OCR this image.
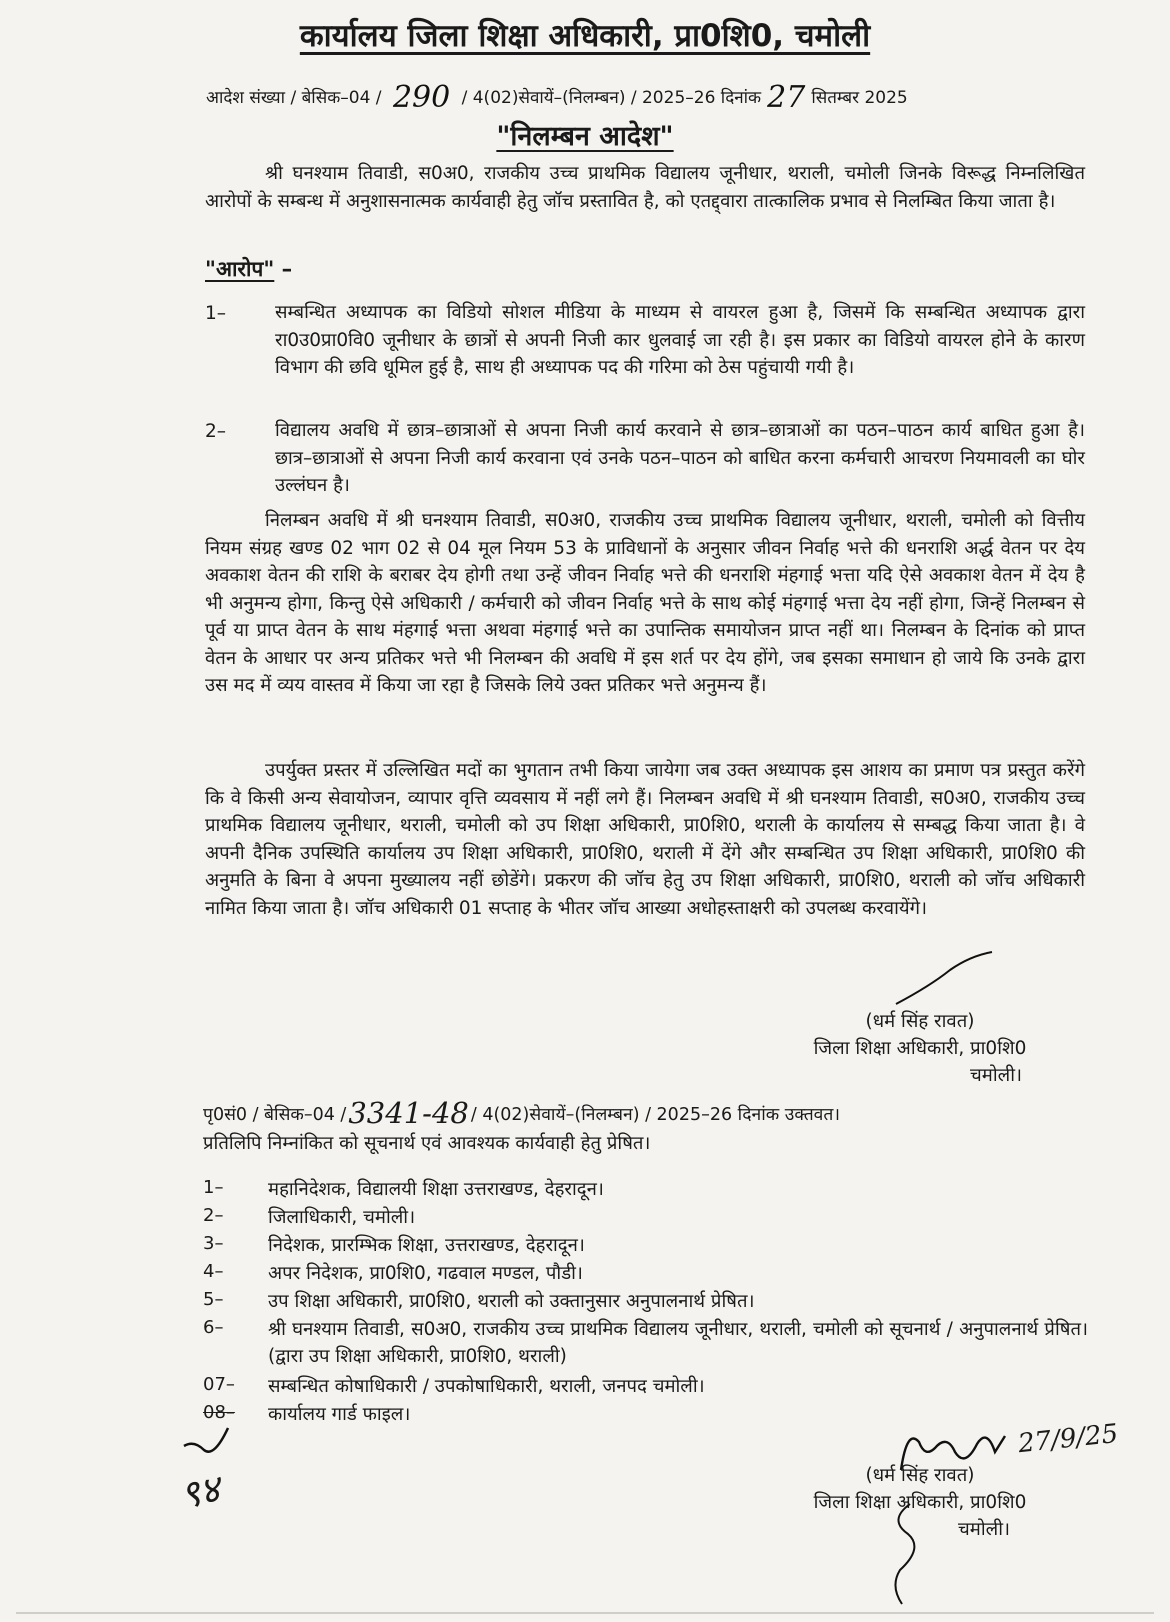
कार्यालय जिला शिक्षा अधिकारी, प्रा0शि0, चमोली
आदेश संख्या / बेसिक–04 / 290 / 4(02)सेवायें–(निलम्बन) / 2025–26 दिनांक 27 सितम्बर 2025
"निलम्बन आदेश"
श्री घनश्याम तिवाडी, स0अ0, राजकीय उच्च प्राथमिक विद्यालय जूनीधार, थराली, चमोली जिनके विरूद्ध निम्नलिखित आरोपों के सम्बन्ध में अनुशासनात्मक कार्यवाही हेतु जॉच प्रस्तावित है, को एतद्द्वारा तात्कालिक प्रभाव से निलम्बित किया जाता है।
"आरोप" –
1–	सम्बन्धित अध्यापक का विडियो सोशल मीडिया के माध्यम से वायरल हुआ है, जिसमें कि सम्बन्धित अध्यापक द्वारा रा0उ0प्रा0वि0 जूनीधार के छात्रों से अपनी निजी कार धुलवाई जा रही है। इस प्रकार का विडियो वायरल होने के कारण विभाग की छवि धूमिल हुई है, साथ ही अध्यापक पद की गरिमा को ठेस पहुंचायी गयी है।
2–	विद्यालय अवधि में छात्र–छात्राओं से अपना निजी कार्य करवाने से छात्र–छात्राओं का पठन–पाठन कार्य बाधित हुआ है। छात्र–छात्राओं से अपना निजी कार्य करवाना एवं उनके पठन–पाठन को बाधित करना कर्मचारी आचरण नियमावली का घोर उल्लंघन है।
निलम्बन अवधि में श्री घनश्याम तिवाडी, स0अ0, राजकीय उच्च प्राथमिक विद्यालय जूनीधार, थराली, चमोली को वित्तीय नियम संग्रह खण्ड 02 भाग 02 से 04 मूल नियम 53 के प्राविधानों के अनुसार जीवन निर्वाह भत्ते की धनराशि अर्द्ध वेतन पर देय अवकाश वेतन की राशि के बराबर देय होगी तथा उन्हें जीवन निर्वाह भत्ते की धनराशि मंहगाई भत्ता यदि ऐसे अवकाश वेतन में देय है भी अनुमन्य होगा, किन्तु ऐसे अधिकारी / कर्मचारी को जीवन निर्वाह भत्ते के साथ कोई मंहगाई भत्ता देय नहीं होगा, जिन्हें निलम्बन से पूर्व या प्राप्त वेतन के साथ मंहगाई भत्ता अथवा मंहगाई भत्ते का उपान्तिक समायोजन प्राप्त नहीं था। निलम्बन के दिनांक को प्राप्त वेतन के आधार पर अन्य प्रतिकर भत्ते भी निलम्बन की अवधि में इस शर्त पर देय होंगे, जब इसका समाधान हो जाये कि उनके द्वारा उस मद में व्यय वास्तव में किया जा रहा है जिसके लिये उक्त प्रतिकर भत्ते अनुमन्य हैं।
उपर्युक्त प्रस्तर में उल्लिखित मदों का भुगतान तभी किया जायेगा जब उक्त अध्यापक इस आशय का प्रमाण पत्र प्रस्तुत करेंगे कि वे किसी अन्य सेवायोजन, व्यापार वृत्ति व्यवसाय में नहीं लगे हैं। निलम्बन अवधि में श्री घनश्याम तिवाडी, स0अ0, राजकीय उच्च प्राथमिक विद्यालय जूनीधार, थराली, चमोली को उप शिक्षा अधिकारी, प्रा0शि0, थराली के कार्यालय से सम्बद्ध किया जाता है। वे अपनी दैनिक उपस्थिति कार्यालय उप शिक्षा अधिकारी, प्रा0शि0, थराली में देंगे और सम्बन्धित उप शिक्षा अधिकारी, प्रा0शि0 की अनुमति के बिना वे अपना मुख्यालय नहीं छोडेंगे। प्रकरण की जॉच हेतु उप शिक्षा अधिकारी, प्रा0शि0, थराली को जॉच अधिकारी नामित किया जाता है। जॉच अधिकारी 01 सप्ताह के भीतर जॉच आख्या अधोहस्ताक्षरी को उपलब्ध करवायेंगे।
(धर्म सिंह रावत)
जिला शिक्षा अधिकारी, प्रा0शि0
चमोली।
पृ0सं0 / बेसिक–04 /3341-48 / 4(02)सेवायें–(निलम्बन) / 2025–26 दिनांक उक्तवत।
प्रतिलिपि निम्नांकित को सूचनार्थ एवं आवश्यक कार्यवाही हेतु प्रेषित।
1– महानिदेशक, विद्यालयी शिक्षा उत्तराखण्ड, देहरादून।
2– जिलाधिकारी, चमोली।
3– निदेशक, प्रारम्भिक शिक्षा, उत्तराखण्ड, देहरादून।
4– अपर निदेशक, प्रा0शि0, गढवाल मण्डल, पौडी।
5– उप शिक्षा अधिकारी, प्रा0शि0, थराली को उक्तानुसार अनुपालनार्थ प्रेषित।
6– श्री घनश्याम तिवाडी, स0अ0, राजकीय उच्च प्राथमिक विद्यालय जूनीधार, थराली, चमोली को सूचनार्थ / अनुपालनार्थ प्रेषित। (द्वारा उप शिक्षा अधिकारी, प्रा0शि0, थराली)
07– सम्बन्धित कोषाधिकारी / उपकोषाधिकारी, थराली, जनपद चमोली।
08– कार्यालय गार्ड फाइल।
९४
27/9/25
(धर्म सिंह रावत)
जिला शिक्षा अधिकारी, प्रा0शि0
चमोली।
